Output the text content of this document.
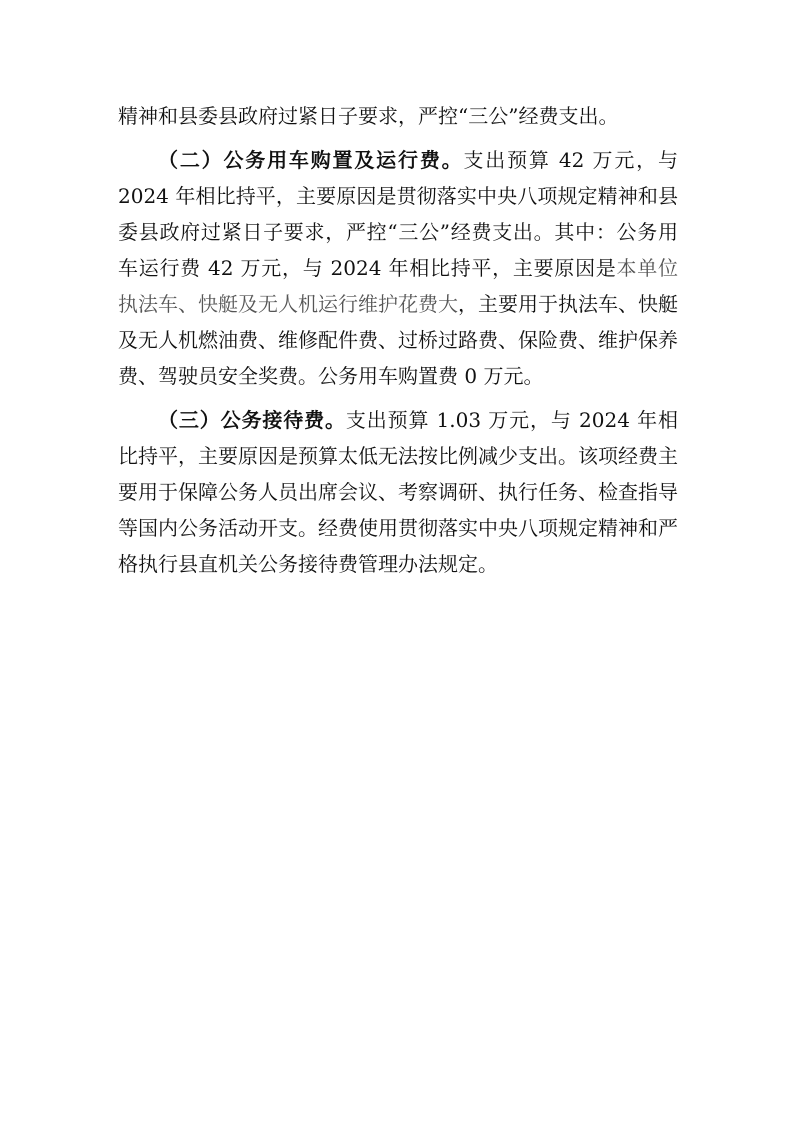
精神和县委县政府过紧日子要求，严控“三公”经费支出。

（二）公务用车购置及运行费。支出预算 42 万元，与 2024 年相比持平，主要原因是贯彻落实中央八项规定精神和县委县政府过紧日子要求，严控“三公”经费支出。其中：公务用车运行费 42 万元，与 2024 年相比持平，主要原因是本单位执法车、快艇及无人机运行维护花费大，主要用于执法车、快艇及无人机燃油费、维修配件费、过桥过路费、保险费、维护保养费、驾驶员安全奖费。公务用车购置费 0 万元。

（三）公务接待费。支出预算 1.03 万元，与 2024 年相比持平，主要原因是预算太低无法按比例减少支出。该项经费主要用于保障公务人员出席会议、考察调研、执行任务、检查指导等国内公务活动开支。经费使用贯彻落实中央八项规定精神和严格执行县直机关公务接待费管理办法规定。
